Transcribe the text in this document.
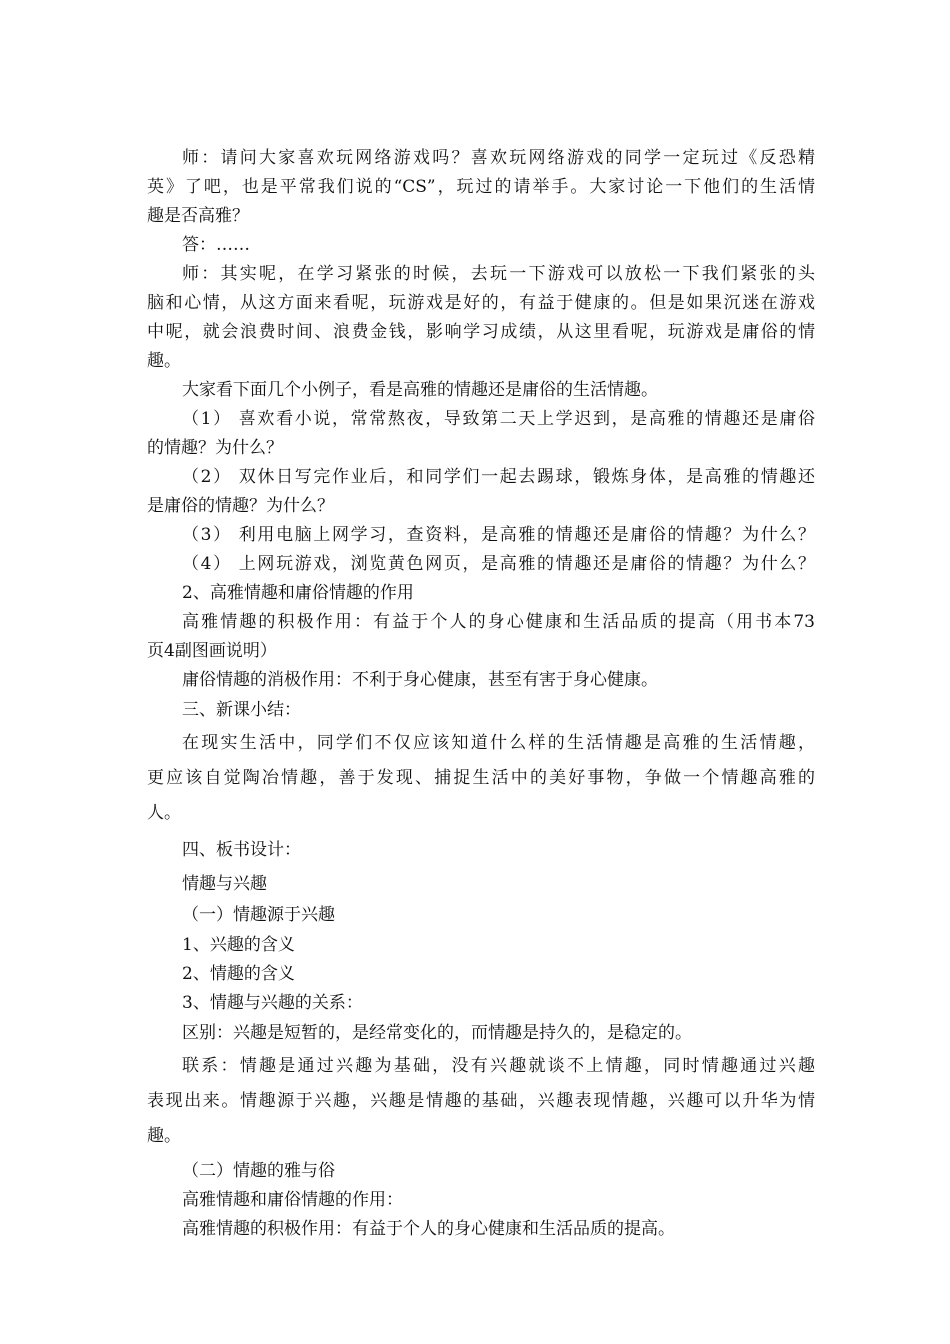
师：请问大家喜欢玩网络游戏吗？喜欢玩网络游戏的同学一定玩过《反恐精
英》了吧，也是平常我们说的“CS”，玩过的请举手。大家讨论一下他们的生活情
趣是否高雅？
答：……
师：其实呢，在学习紧张的时候，去玩一下游戏可以放松一下我们紧张的头
脑和心情，从这方面来看呢，玩游戏是好的，有益于健康的。但是如果沉迷在游戏
中呢，就会浪费时间、浪费金钱，影响学习成绩，从这里看呢，玩游戏是庸俗的情
趣。
大家看下面几个小例子，看是高雅的情趣还是庸俗的生活情趣。
（1） 喜欢看小说，常常熬夜，导致第二天上学迟到，是高雅的情趣还是庸俗
的情趣？为什么？
（2） 双休日写完作业后，和同学们一起去踢球，锻炼身体，是高雅的情趣还
是庸俗的情趣？为什么？
（3） 利用电脑上网学习，查资料，是高雅的情趣还是庸俗的情趣？为什么？
（4） 上网玩游戏，浏览黄色网页，是高雅的情趣还是庸俗的情趣？为什么？
2、高雅情趣和庸俗情趣的作用
高雅情趣的积极作用：有益于个人的身心健康和生活品质的提高（用书本73
页4副图画说明）
庸俗情趣的消极作用：不利于身心健康，甚至有害于身心健康。
三、新课小结：
在现实生活中，同学们不仅应该知道什么样的生活情趣是高雅的生活情趣，
更应该自觉陶冶情趣，善于发现、捕捉生活中的美好事物，争做一个情趣高雅的
人。
四、板书设计：
情趣与兴趣
（一）情趣源于兴趣
1、兴趣的含义
2、情趣的含义
3、情趣与兴趣的关系：
区别：兴趣是短暂的，是经常变化的，而情趣是持久的，是稳定的。
联系：情趣是通过兴趣为基础，没有兴趣就谈不上情趣，同时情趣通过兴趣
表现出来。情趣源于兴趣，兴趣是情趣的基础，兴趣表现情趣，兴趣可以升华为情
趣。
（二）情趣的雅与俗
高雅情趣和庸俗情趣的作用：
高雅情趣的积极作用：有益于个人的身心健康和生活品质的提高。
